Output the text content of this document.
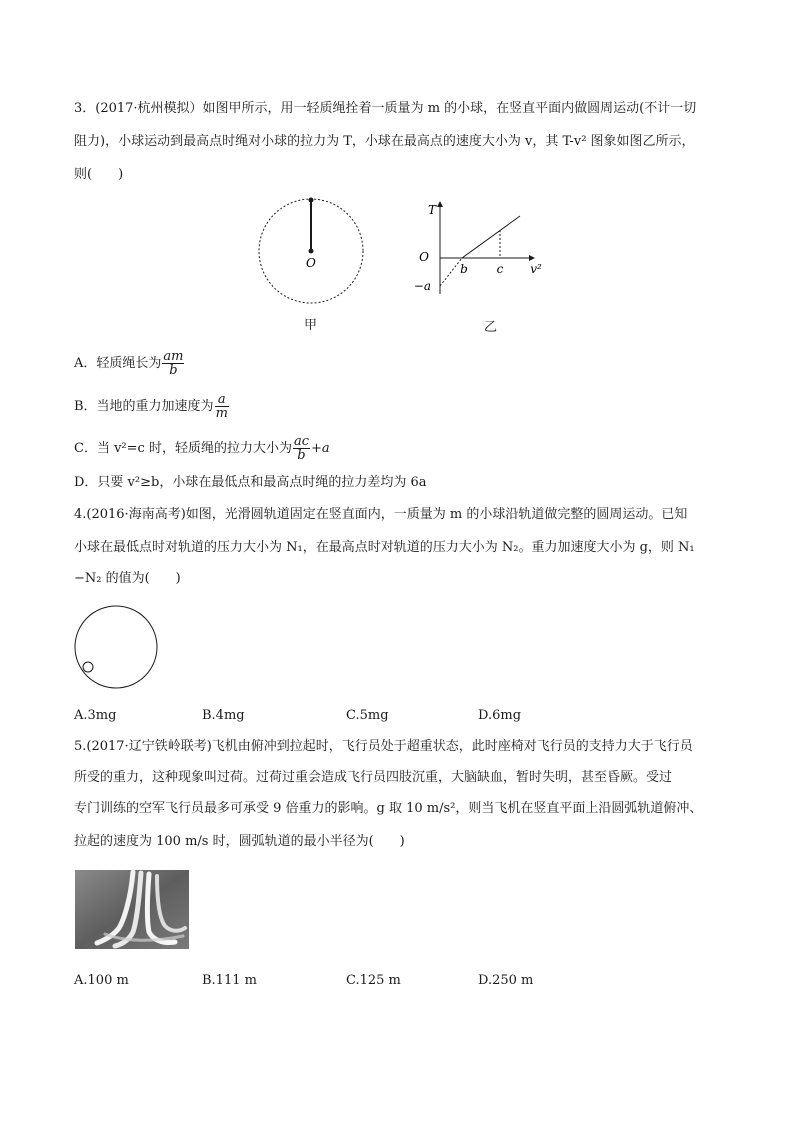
3．(2017·杭州模拟）如图甲所示，用一轻质绳拴着一质量为 m 的小球，在竖直平面内做圆周运动(不计一切
阻力)，小球运动到最高点时绳对小球的拉力为 T，小球在最高点的速度大小为 v，其 T-v² 图象如图乙所示，
则(　　)
O
甲
T
O
−a
b c v²
乙
A．轻质绳长为 $\frac{am}{b}$
B．当地的重力加速度为 $\frac{a}{m}$
C．当 v²=c 时，轻质绳的拉力大小为 $\frac{ac}{b} +a$
D．只要 v²≥b，小球在最低点和最高点时绳的拉力差均为 6a
4.(2016·海南高考)如图，光滑圆轨道固定在竖直面内，一质量为 m 的小球沿轨道做完整的圆周运动。已知
小球在最低点时对轨道的压力大小为 N₁，在最高点时对轨道的压力大小为 N₂。重力加速度大小为 g，则 N₁
−N₂ 的值为(　　)
A.3mg	B.4mg	C.5mg	D.6mg
5.(2017·辽宁铁岭联考)飞机由俯冲到拉起时，飞行员处于超重状态，此时座椅对飞行员的支持力大于飞行员
所受的重力，这种现象叫过荷。过荷过重会造成飞行员四肢沉重，大脑缺血，暂时失明，甚至昏厥。受过
专门训练的空军飞行员最多可承受 9 倍重力的影响。g 取 10 m/s²，则当飞机在竖直平面上沿圆弧轨道俯冲、
拉起的速度为 100 m/s 时，圆弧轨道的最小半径为(　　)
A.100 m	B.111 m	C.125 m	D.250 m
